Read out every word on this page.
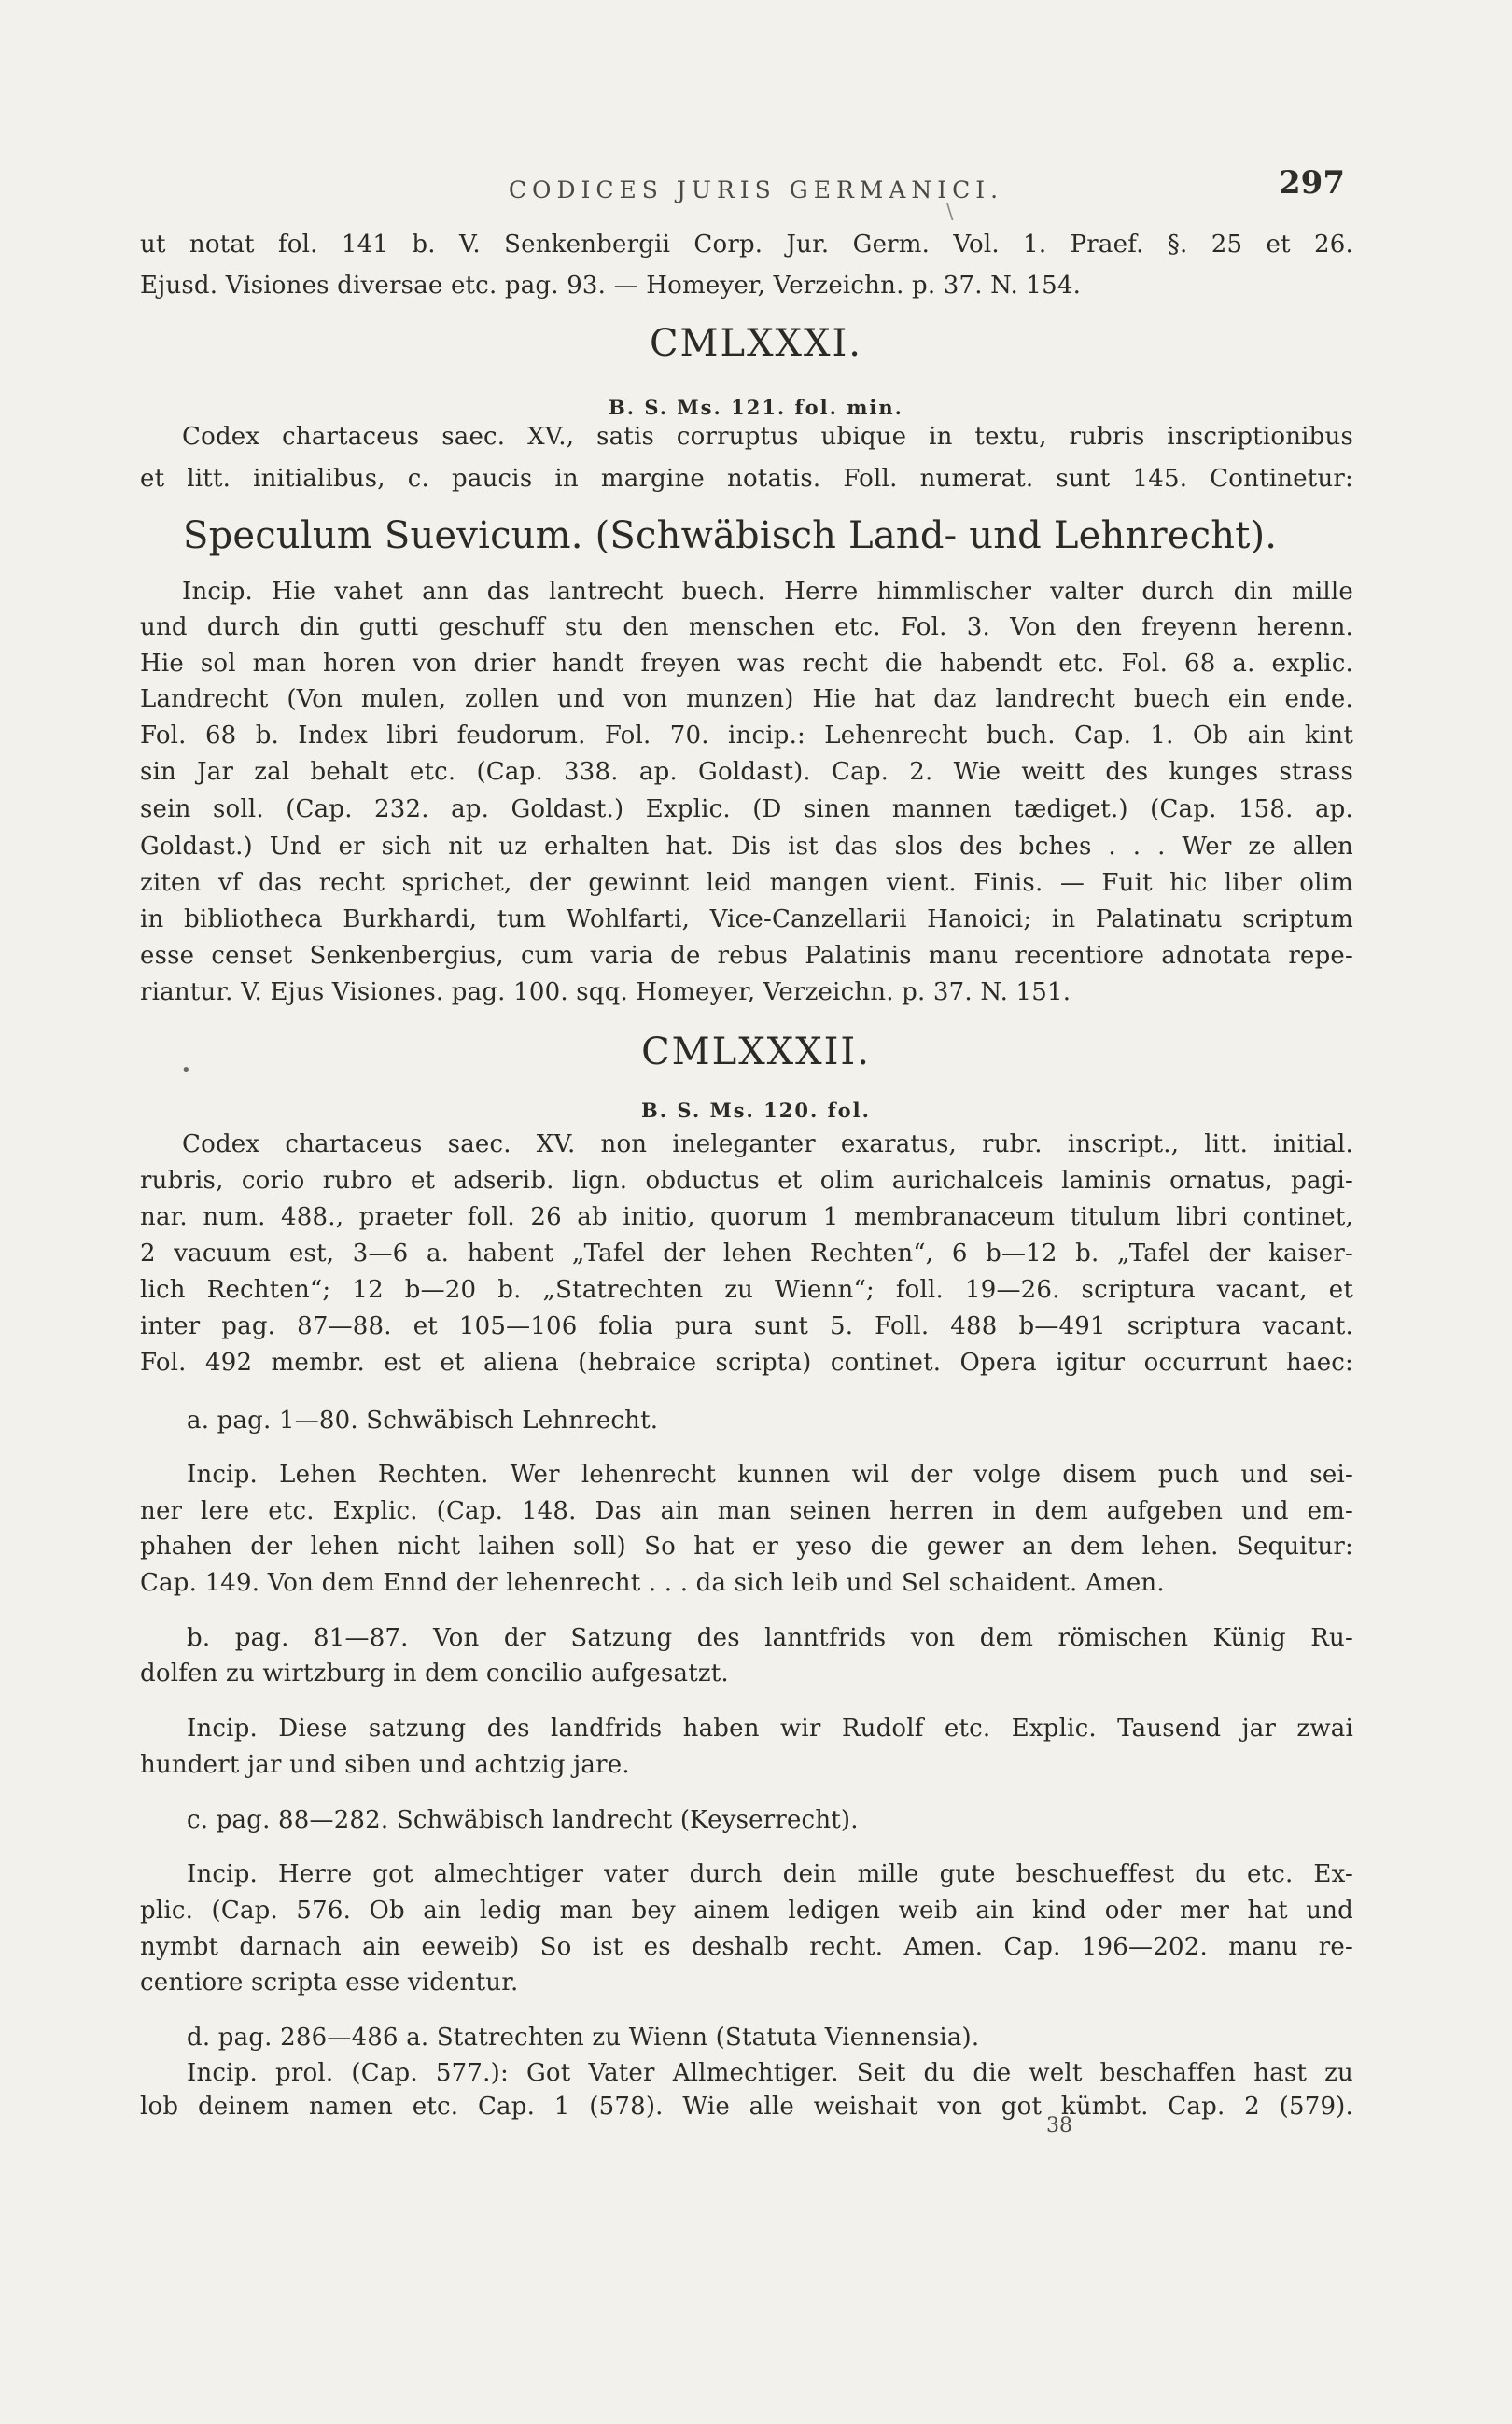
CODICES JURIS GERMANICI.	297
\
ut notat fol. 141 b. V. Senkenbergii Corp. Jur. Germ. Vol. 1. Praef. §. 25 et 26.
Ejusd. Visiones diversae etc. pag. 93. — Homeyer, Verzeichn. p. 37. N. 154.
CMLXXXI.
B. S. Ms. 121. fol. min.
Codex chartaceus saec. XV., satis corruptus ubique in textu, rubris inscriptionibus
et litt. initialibus, c. paucis in margine notatis. Foll. numerat. sunt 145. Continetur:
Speculum Suevicum. (Schwäbisch Land- und Lehnrecht).
Incip. Hie vahet ann das lantrecht buech. Herre himmlischer valter durch din mille
und durch din gutti geschuff stu den menschen etc. Fol. 3. Von den freyenn herenn.
Hie sol man horen von drier handt freyen was recht die habendt etc. Fol. 68 a. explic.
Landrecht (Von mulen, zollen und von munzen) Hie hat daz landrecht buech ein ende.
Fol. 68 b. Index libri feudorum. Fol. 70. incip.: Lehenrecht buch. Cap. 1. Ob ain kint
sin Jar zal behalt etc. (Cap. 338. ap. Goldast). Cap. 2. Wie weitt des kunges strass
sein soll. (Cap. 232. ap. Goldast.) Explic. (D sinen mannen tædiget.) (Cap. 158. ap.
Goldast.) Und er sich nit uz erhalten hat. Dis ist das slos des bches . . . Wer ze allen
ziten vf das recht sprichet, der gewinnt leid mangen vient. Finis. — Fuit hic liber olim
in bibliotheca Burkhardi, tum Wohlfarti, Vice-Canzellarii Hanoici; in Palatinatu scriptum
esse censet Senkenbergius, cum varia de rebus Palatinis manu recentiore adnotata repe-
riantur. V. Ejus Visiones. pag. 100. sqq. Homeyer, Verzeichn. p. 37. N. 151.
CMLXXXII.
•
B. S. Ms. 120. fol.
Codex chartaceus saec. XV. non ineleganter exaratus, rubr. inscript., litt. initial.
rubris, corio rubro et adserib. lign. obductus et olim aurichalceis laminis ornatus, pagi-
nar. num. 488., praeter foll. 26 ab initio, quorum 1 membranaceum titulum libri continet,
2 vacuum est, 3—6 a. habent „Tafel der lehen Rechten“, 6 b—12 b. „Tafel der kaiser-
lich Rechten“; 12 b—20 b. „Statrechten zu Wienn“; foll. 19—26. scriptura vacant, et
inter pag. 87—88. et 105—106 folia pura sunt 5. Foll. 488 b—491 scriptura vacant.
Fol. 492 membr. est et aliena (hebraice scripta) continet. Opera igitur occurrunt haec:
a. pag. 1—80. Schwäbisch Lehnrecht.
Incip. Lehen Rechten. Wer lehenrecht kunnen wil der volge disem puch und sei-
ner lere etc. Explic. (Cap. 148. Das ain man seinen herren in dem aufgeben und em-
phahen der lehen nicht laihen soll) So hat er yeso die gewer an dem lehen. Sequitur:
Cap. 149. Von dem Ennd der lehenrecht . . . da sich leib und Sel schaident. Amen.
b. pag. 81—87. Von der Satzung des lanntfrids von dem römischen Künig Ru-
dolfen zu wirtzburg in dem concilio aufgesatzt.
Incip. Diese satzung des landfrids haben wir Rudolf etc. Explic. Tausend jar zwai
hundert jar und siben und achtzig jare.
c. pag. 88—282. Schwäbisch landrecht (Keyserrecht).
Incip. Herre got almechtiger vater durch dein mille gute beschueffest du etc. Ex-
plic. (Cap. 576. Ob ain ledig man bey ainem ledigen weib ain kind oder mer hat und
nymbt darnach ain eeweib) So ist es deshalb recht. Amen. Cap. 196—202. manu re-
centiore scripta esse videntur.
d. pag. 286—486 a. Statrechten zu Wienn (Statuta Viennensia).
Incip. prol. (Cap. 577.): Got Vater Allmechtiger. Seit du die welt beschaffen hast zu
lob deinem namen etc. Cap. 1 (578). Wie alle weishait von got kümbt. Cap. 2 (579).
38
